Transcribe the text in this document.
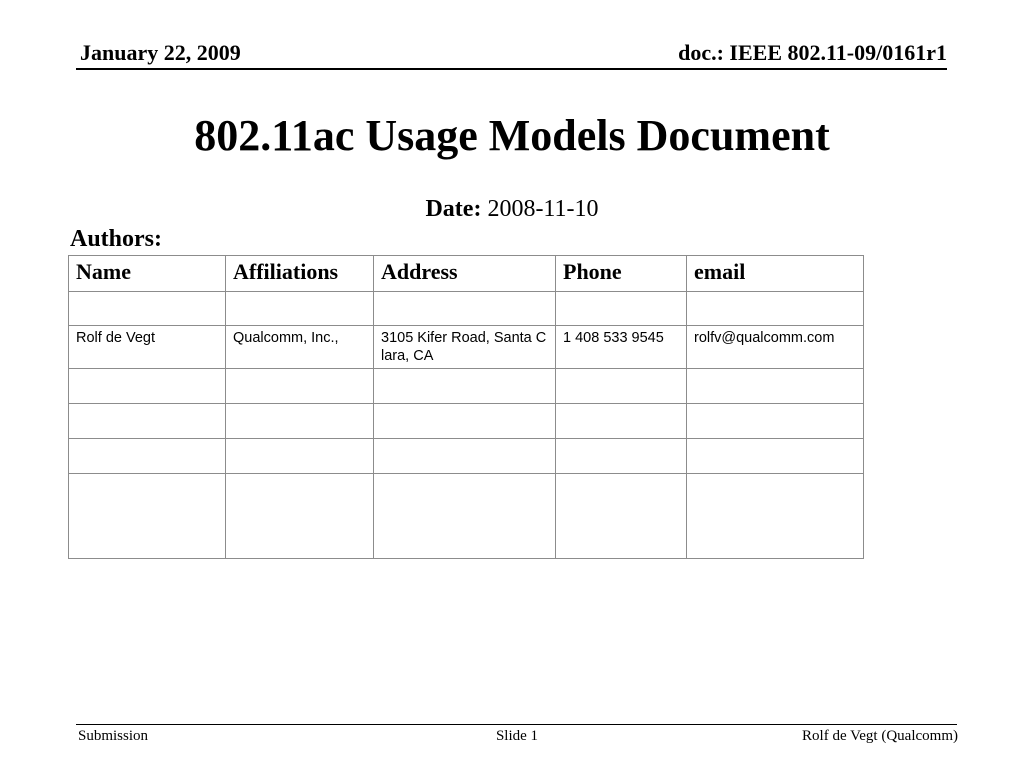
January 22, 2009	doc.: IEEE 802.11-09/0161r1
802.11ac Usage Models Document
Date: 2008-11-10
Authors:
Name	Affiliations	Address	Phone	email

Rolf de Vegt	Qualcomm, Inc.,	3105 Kifer Road, Santa Clara, CA	1 408 533 9545	rolfv@qualcomm.com

Submission	Slide 1	Rolf de Vegt (Qualcomm)
